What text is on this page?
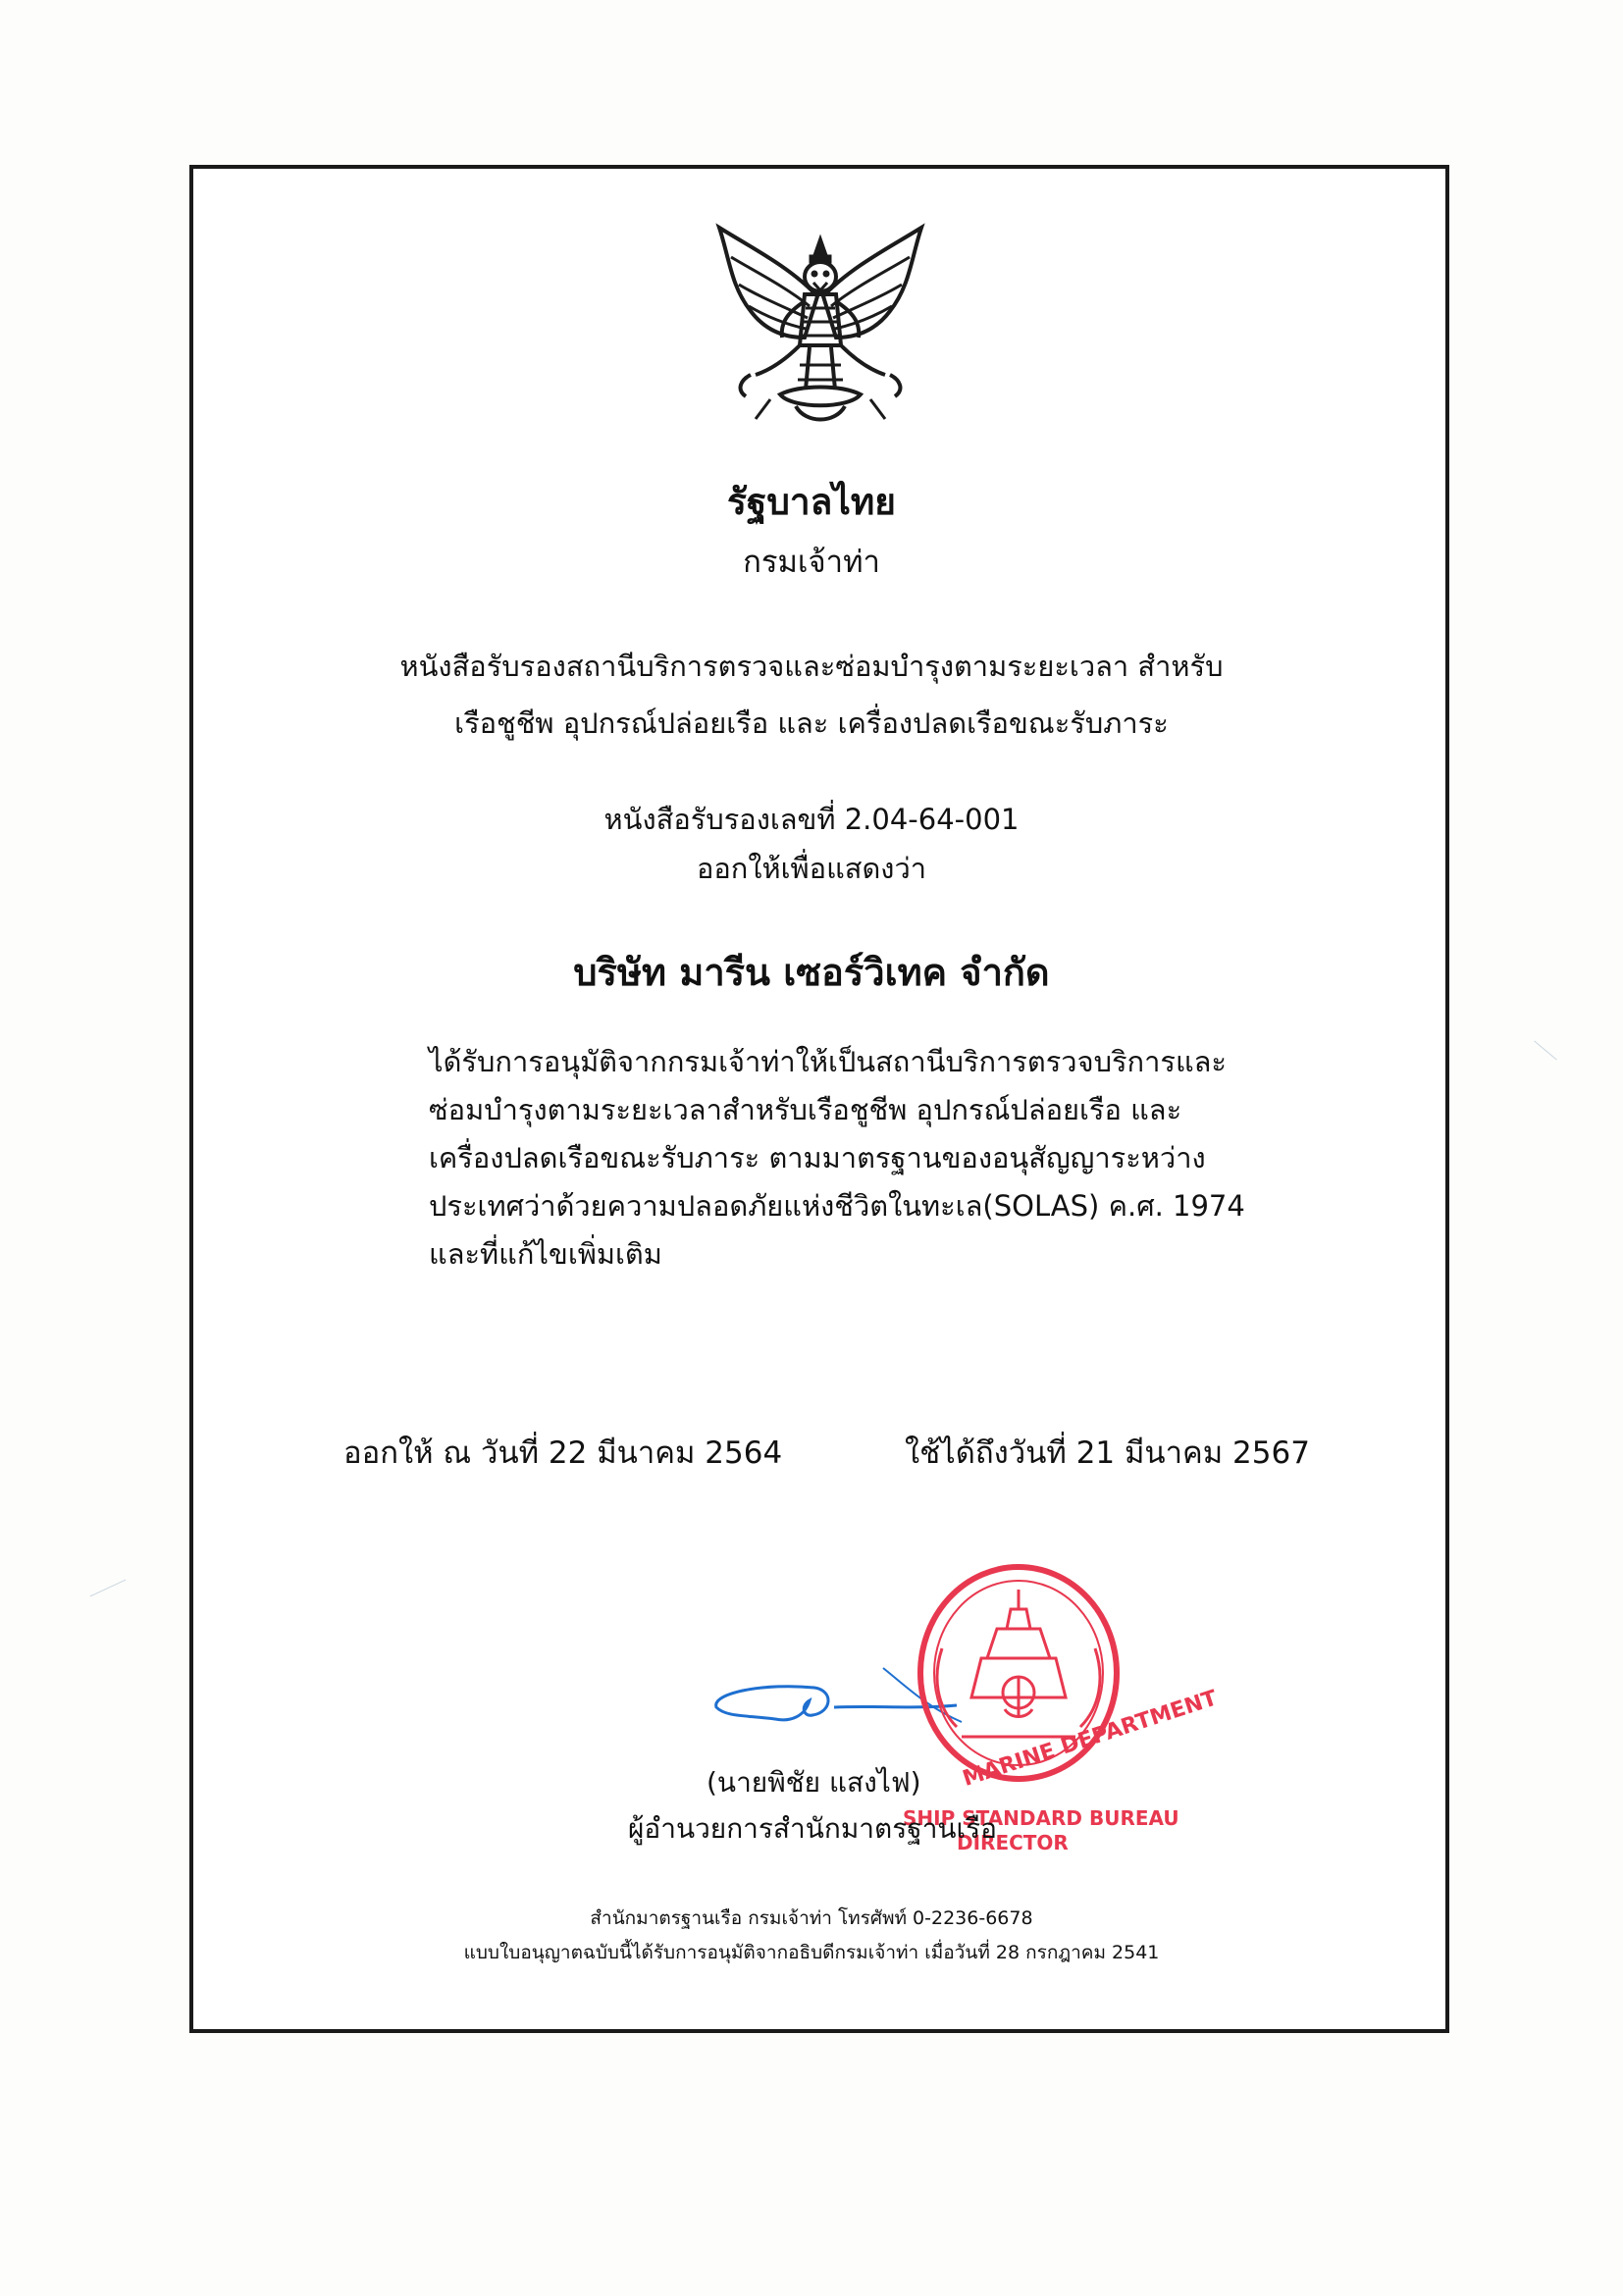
รัฐบาลไทย
กรมเจ้าท่า
หนังสือรับรองสถานีบริการตรวจและซ่อมบำรุงตามระยะเวลา สำหรับ
เรือชูชีพ อุปกรณ์ปล่อยเรือ และ เครื่องปลดเรือขณะรับภาระ
หนังสือรับรองเลขที่ 2.04-64-001
ออกให้เพื่อแสดงว่า
บริษัท มารีน เซอร์วิเทค จำกัด
ได้รับการอนุมัติจากกรมเจ้าท่าให้เป็นสถานีบริการตรวจบริการและ
ซ่อมบำรุงตามระยะเวลาสำหรับเรือชูชีพ อุปกรณ์ปล่อยเรือ และ
เครื่องปลดเรือขณะรับภาระ ตามมาตรฐานของอนุสัญญาระหว่าง
ประเทศว่าด้วยความปลอดภัยแห่งชีวิตในทะเล(SOLAS) ค.ศ. 1974
และที่แก้ไขเพิ่มเติม
ออกให้ ณ วันที่ 22 มีนาคม 2564	ใช้ได้ถึงวันที่ 21 มีนาคม 2567
MARINE DEPARTMENT
SHIP STANDARD BUREAU
DIRECTOR
(นายพิชัย แสงไฟ)
ผู้อำนวยการสำนักมาตรฐานเรือ
สำนักมาตรฐานเรือ กรมเจ้าท่า โทรศัพท์ 0-2236-6678
แบบใบอนุญาตฉบับนี้ได้รับการอนุมัติจากอธิบดีกรมเจ้าท่า เมื่อวันที่ 28 กรกฎาคม 2541
